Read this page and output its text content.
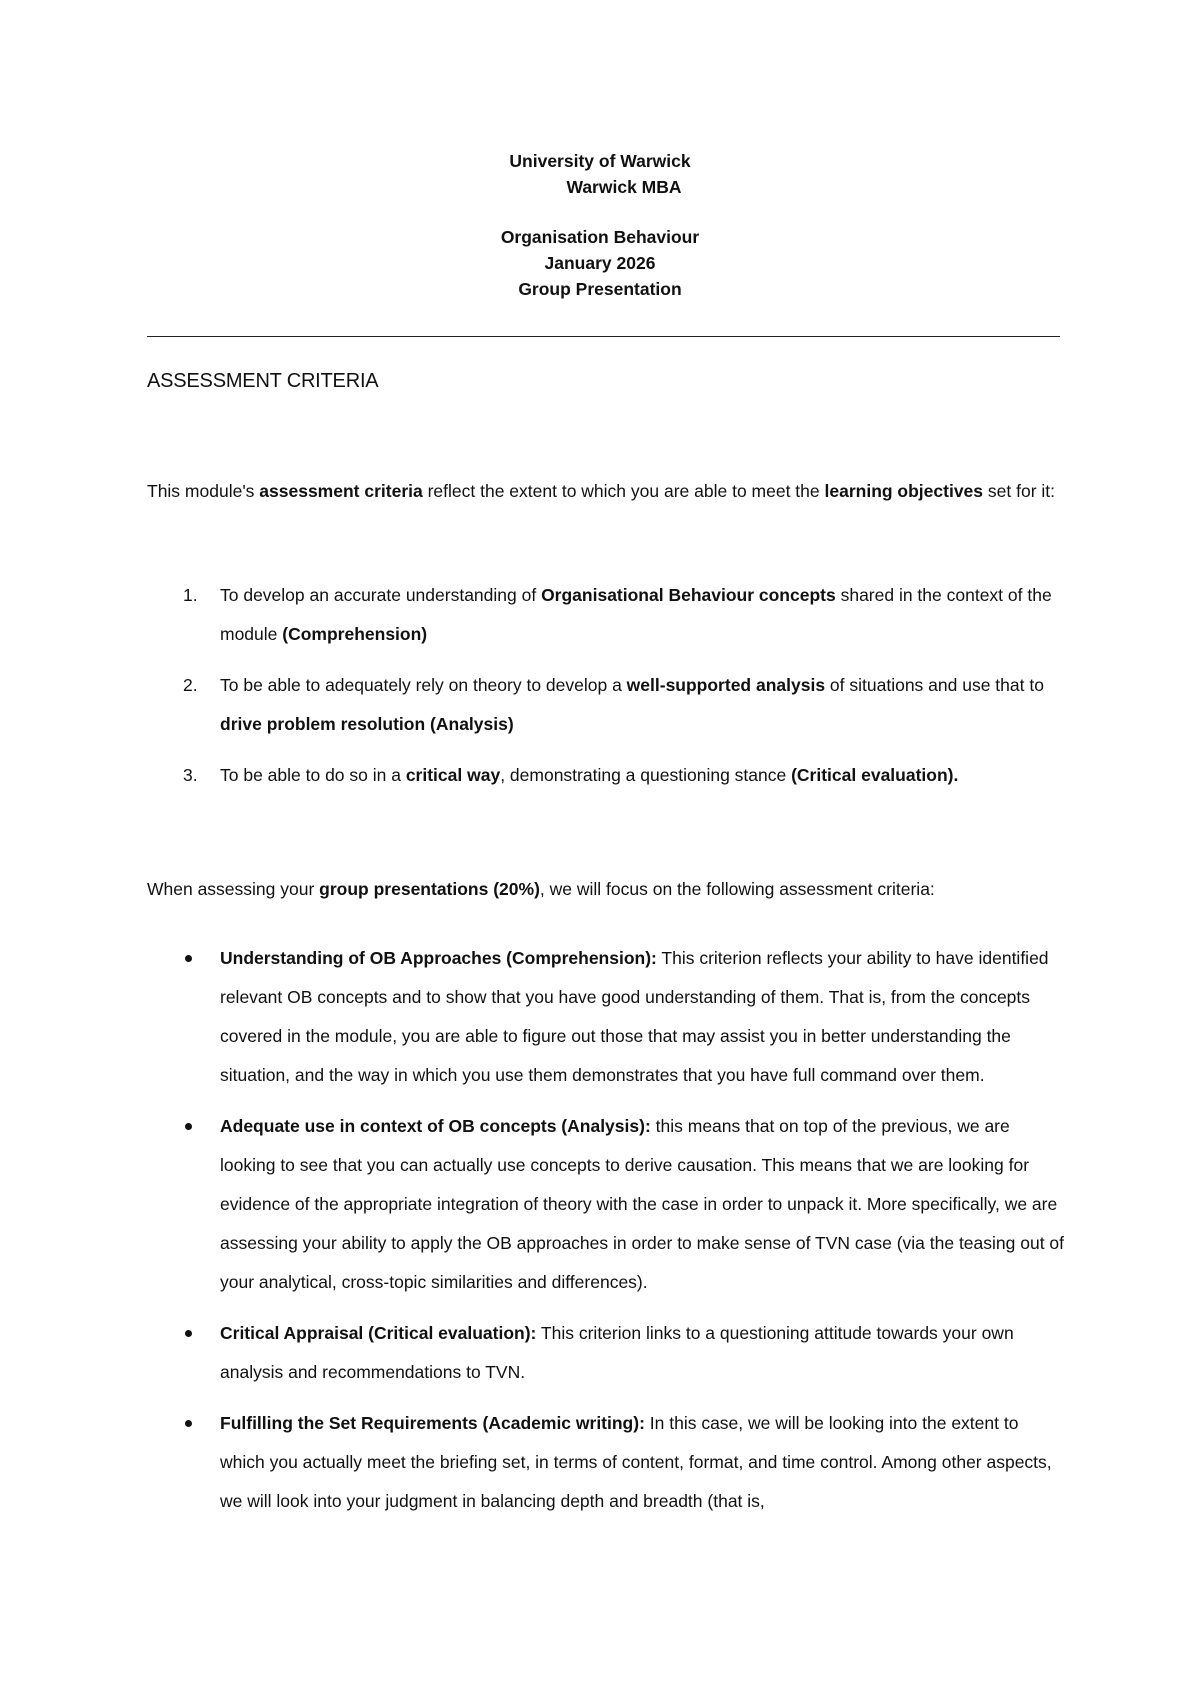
University of Warwick
Warwick MBA
Organisation Behaviour
January 2026
Group Presentation
ASSESSMENT CRITERIA

This module's assessment criteria reflect the extent to which you are able to meet the learning objectives set for it:

1. To develop an accurate understanding of Organisational Behaviour concepts shared in the context of the module (Comprehension)
2. To be able to adequately rely on theory to develop a well-supported analysis of situations and use that to drive problem resolution (Analysis)
3. To be able to do so in a critical way, demonstrating a questioning stance (Critical evaluation).

When assessing your group presentations (20%), we will focus on the following assessment criteria:

Understanding of OB Approaches (Comprehension): This criterion reflects your ability to have identified relevant OB concepts and to show that you have good understanding of them. That is, from the concepts covered in the module, you are able to figure out those that may assist you in better understanding the situation, and the way in which you use them demonstrates that you have full command over them.
Adequate use in context of OB concepts (Analysis): this means that on top of the previous, we are looking to see that you can actually use concepts to derive causation. This means that we are looking for evidence of the appropriate integration of theory with the case in order to unpack it. More specifically, we are assessing your ability to apply the OB approaches in order to make sense of TVN case (via the teasing out of your analytical, cross-topic similarities and differences).
Critical Appraisal (Critical evaluation): This criterion links to a questioning attitude towards your own analysis and recommendations to TVN.
Fulfilling the Set Requirements (Academic writing): In this case, we will be looking into the extent to which you actually meet the briefing set, in terms of content, format, and time control. Among other aspects, we will look into your judgment in balancing depth and breadth (that is,
